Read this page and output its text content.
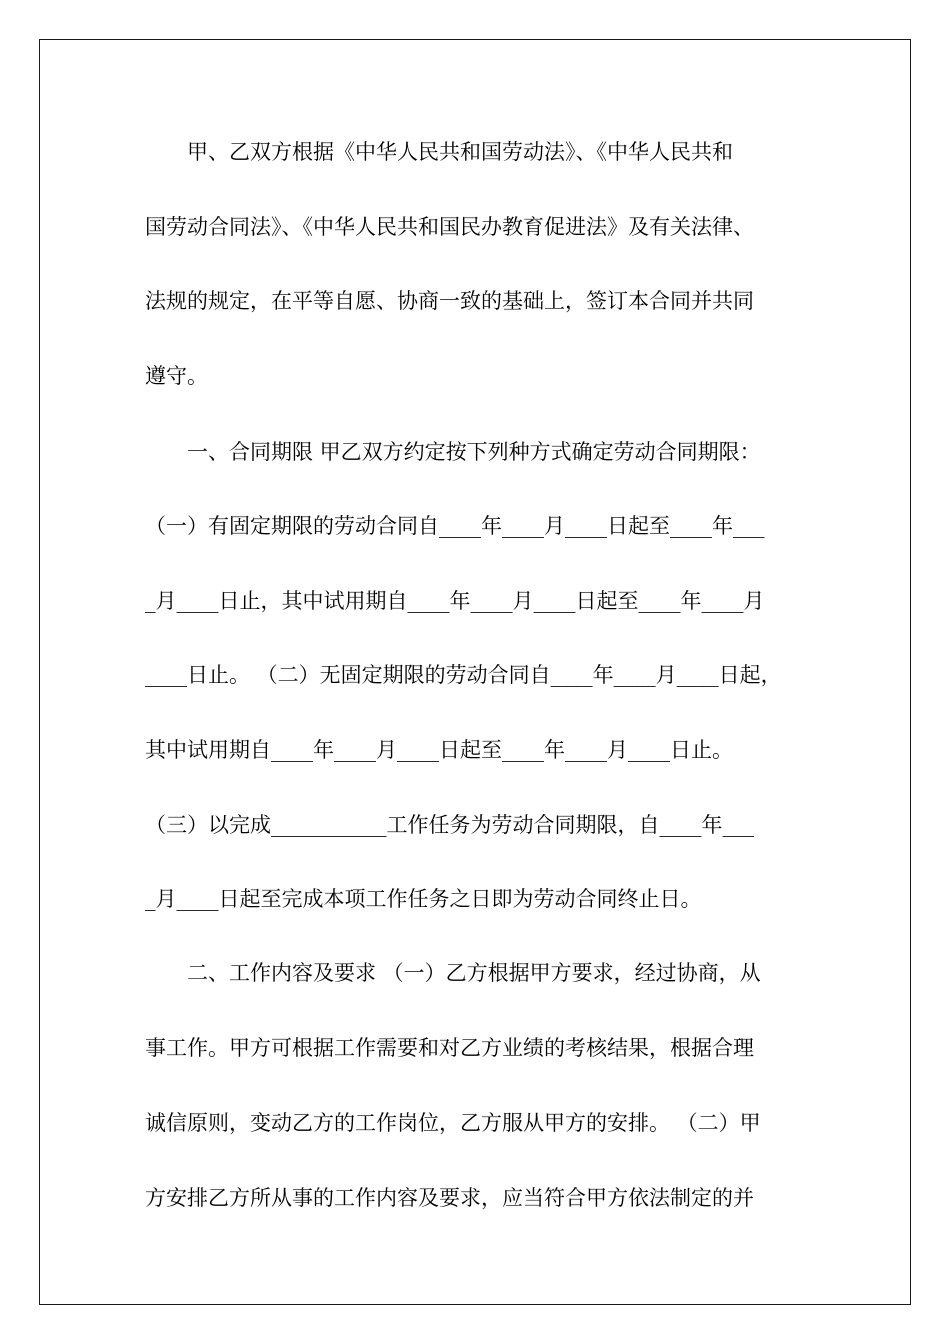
　　甲、乙双方根据《中华人民共和国劳动法》、《中华人民共和
国劳动合同法》、《中华人民共和国民办教育促进法》及有关法律、
法规的规定，在平等自愿、协商一致的基础上，签订本合同并共同
遵守。
　　一、合同期限 甲乙双方约定按下列种方式确定劳动合同期限：
（一）有固定期限的劳动合同自____年____月____日起至____年___
_月____日止，其中试用期自____年____月____日起至____年____月
____日止。 （二）无固定期限的劳动合同自____年____月____日起，
其中试用期自____年____月____日起至____年____月____日止。
（三）以完成___________工作任务为劳动合同期限，自____年___
_月____日起至完成本项工作任务之日即为劳动合同终止日。
　　二、工作内容及要求 （一）乙方根据甲方要求，经过协商，从
事工作。甲方可根据工作需要和对乙方业绩的考核结果，根据合理
诚信原则，变动乙方的工作岗位，乙方服从甲方的安排。 （二）甲
方安排乙方所从事的工作内容及要求，应当符合甲方依法制定的并
